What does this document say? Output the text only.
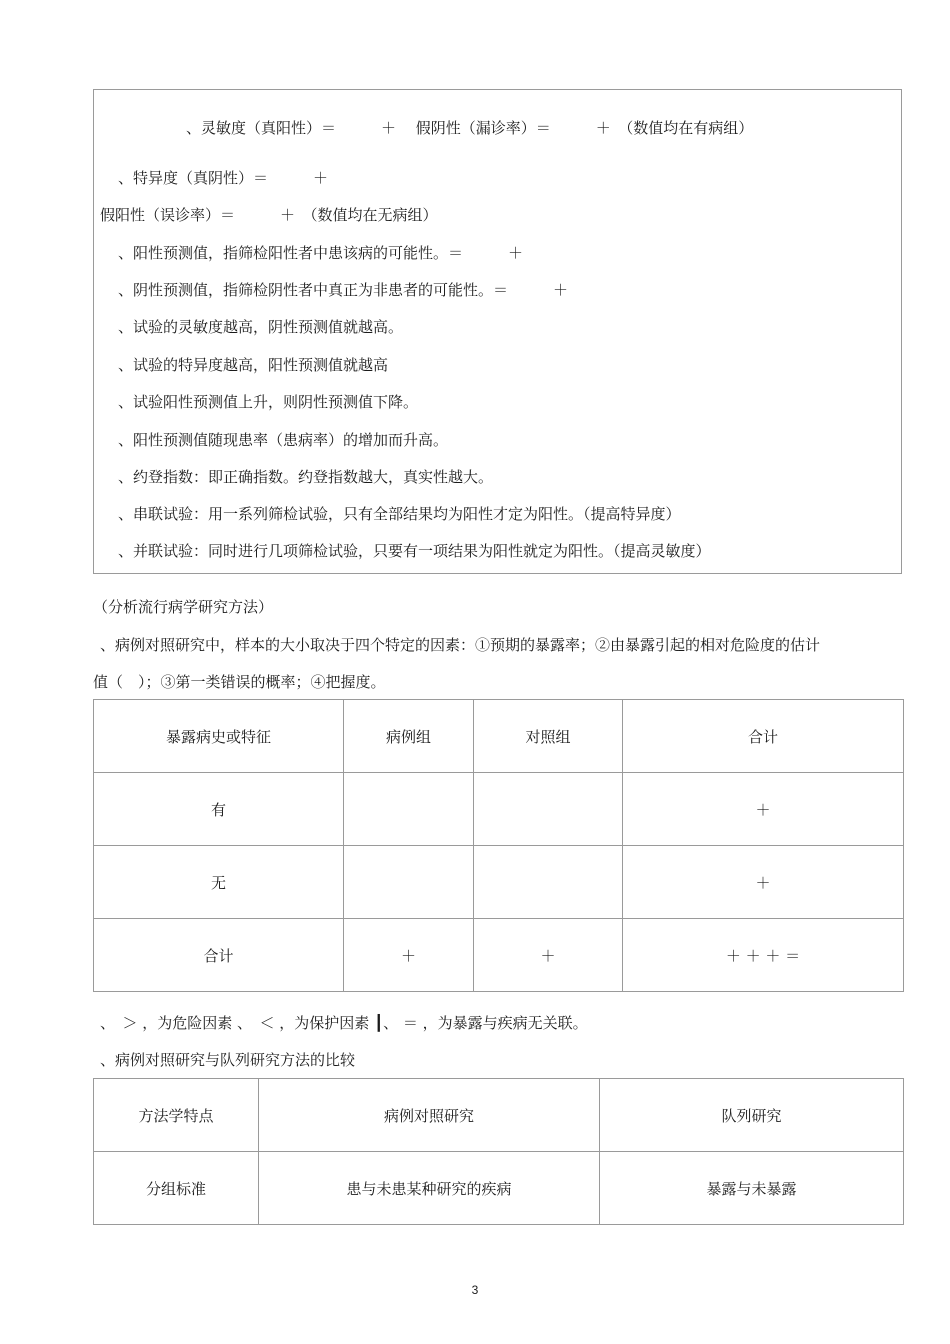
、灵敏度（真阳性）＝　　　＋　 假阴性（漏诊率）＝　　　＋　（数值均在有病组）
、特异度（真阴性）＝　　　＋
假阳性（误诊率）＝　　　＋　（数值均在无病组）
、阳性预测值，指筛检阳性者中患该病的可能性。＝　　　＋
、阴性预测值，指筛检阴性者中真正为非患者的可能性。＝　　　＋
、试验的灵敏度越高，阴性预测值就越高。
、试验的特异度越高，阳性预测值就越高
、试验阳性预测值上升，则阴性预测值下降。
、阳性预测值随现患率（患病率）的增加而升高。
、约登指数：即正确指数。约登指数越大，真实性越大。
、串联试验：用一系列筛检试验，只有全部结果均为阳性才定为阳性。（提高特异度）
、并联试验：同时进行几项筛检试验，只要有一项结果为阳性就定为阳性。（提高灵敏度）
（分析流行病学研究方法）
、病例对照研究中，样本的大小取决于四个特定的因素：①预期的暴露率；②由暴露引起的相对危险度的估计
值（　）；③第一类错误的概率；④把握度。
暴露病史或特征	病例组	对照组	合计
有			＋
无			＋
合计	＋	＋	＋ ＋ ＋ ＝
、　＞ ，为危险因素 、　＜ ，为保护因素 ┃、 ＝ ，为暴露与疾病无关联。
、病例对照研究与队列研究方法的比较
方法学特点	病例对照研究	队列研究
分组标准	患与未患某种研究的疾病	暴露与未暴露
3
